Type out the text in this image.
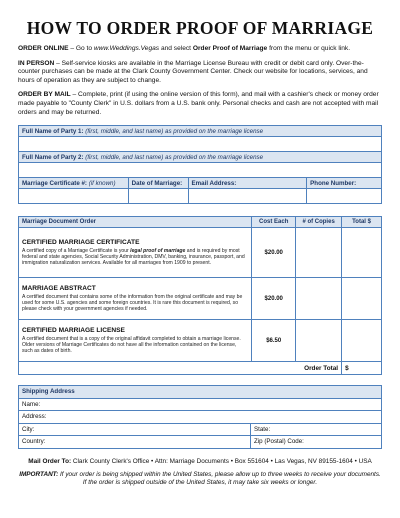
HOW TO ORDER PROOF OF MARRIAGE

ORDER ONLINE – Go to www.Weddings.Vegas and select Order Proof of Marriage from the menu or quick link.

IN PERSON – Self-service kiosks are available in the Marriage License Bureau with credit or debit card only. Over-the-counter purchases can be made at the Clark County Government Center. Check our website for locations, services, and hours of operation as they are subject to change.

ORDER BY MAIL – Complete, print (if using the online version of this form), and mail with a cashier's check or money order made payable to "County Clerk" in U.S. dollars from a U.S. bank only. Personal checks and cash are not accepted with mail orders and may be returned.

Full Name of Party 1: (first, middle, and last name) as provided on the marriage license			

Full Name of Party 2: (first, middle, and last name) as provided on the marriage license			

Marriage Certificate #: (if known)	Date of Marriage:	Email Address:	Phone Number:

Marriage Document Order	Cost Each	# of Copies	Total $

CERTIFIED MARRIAGE CERTIFICATE
A certified copy of a Marriage Certificate is your legal proof of marriage and is required by most federal and state agencies, Social Security Administration, DMV, banking, insurance, passport, and immigration naturalization services. Available for all marriages from 1909 to present.	$20.00		

MARRIAGE ABSTRACT
A certified document that contains some of the information from the original certificate and may be used for some U.S. agencies and some foreign countries. It is rare this document is required, so please check with your government agencies if needed.	$20.00		

CERTIFIED MARRIAGE LICENSE
A certified document that is a copy of the original affidavit completed to obtain a marriage license. Older versions of Marriage Certificates do not have all the information contained on the license, such as dates of birth.	$6.50		
Order Total			$
Shipping Address	
Name:	
Address:	
City:	State:
Country:	Zip (Postal) Code:

Mail Order To: Clark County Clerk's Office • Attn: Marriage Documents • Box 551604 • Las Vegas, NV 89155-1604 • USA

IMPORTANT: If your order is being shipped within the United States, please allow up to three weeks to receive your documents. If the order is shipped outside of the United States, it may take six weeks or longer.
